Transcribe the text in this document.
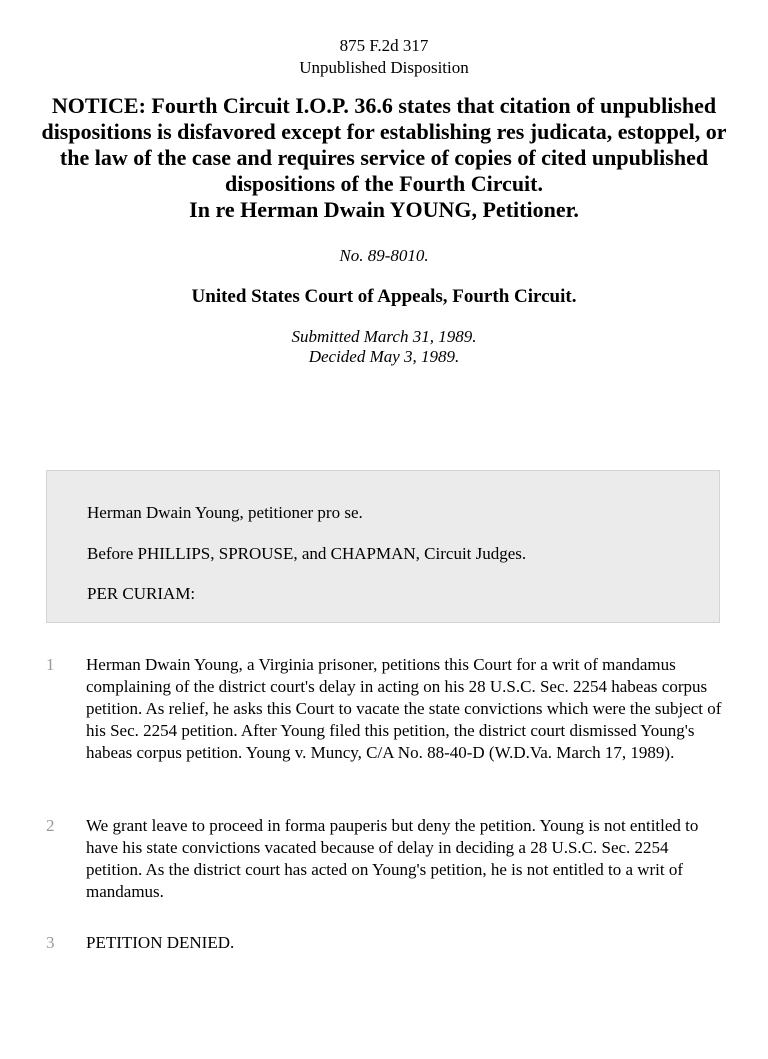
875 F.2d 317
Unpublished Disposition
NOTICE: Fourth Circuit I.O.P. 36.6 states that citation of unpublished dispositions is disfavored except for establishing res judicata, estoppel, or the law of the case and requires service of copies of cited unpublished dispositions of the Fourth Circuit.
In re Herman Dwain YOUNG, Petitioner.
No. 89-8010.
United States Court of Appeals, Fourth Circuit.
Submitted March 31, 1989.
Decided May 3, 1989.

Herman Dwain Young, petitioner pro se.

Before PHILLIPS, SPROUSE, and CHAPMAN, Circuit Judges.

PER CURIAM:

1 Herman Dwain Young, a Virginia prisoner, petitions this Court for a writ of mandamus complaining of the district court's delay in acting on his 28 U.S.C. Sec. 2254 habeas corpus petition. As relief, he asks this Court to vacate the state convictions which were the subject of his Sec. 2254 petition. After Young filed this petition, the district court dismissed Young's habeas corpus petition. Young v. Muncy, C/A No. 88-40-D (W.D.Va. March 17, 1989).
2 We grant leave to proceed in forma pauperis but deny the petition. Young is not entitled to have his state convictions vacated because of delay in deciding a 28 U.S.C. Sec. 2254 petition. As the district court has acted on Young's petition, he is not entitled to a writ of mandamus.
3 PETITION DENIED.
